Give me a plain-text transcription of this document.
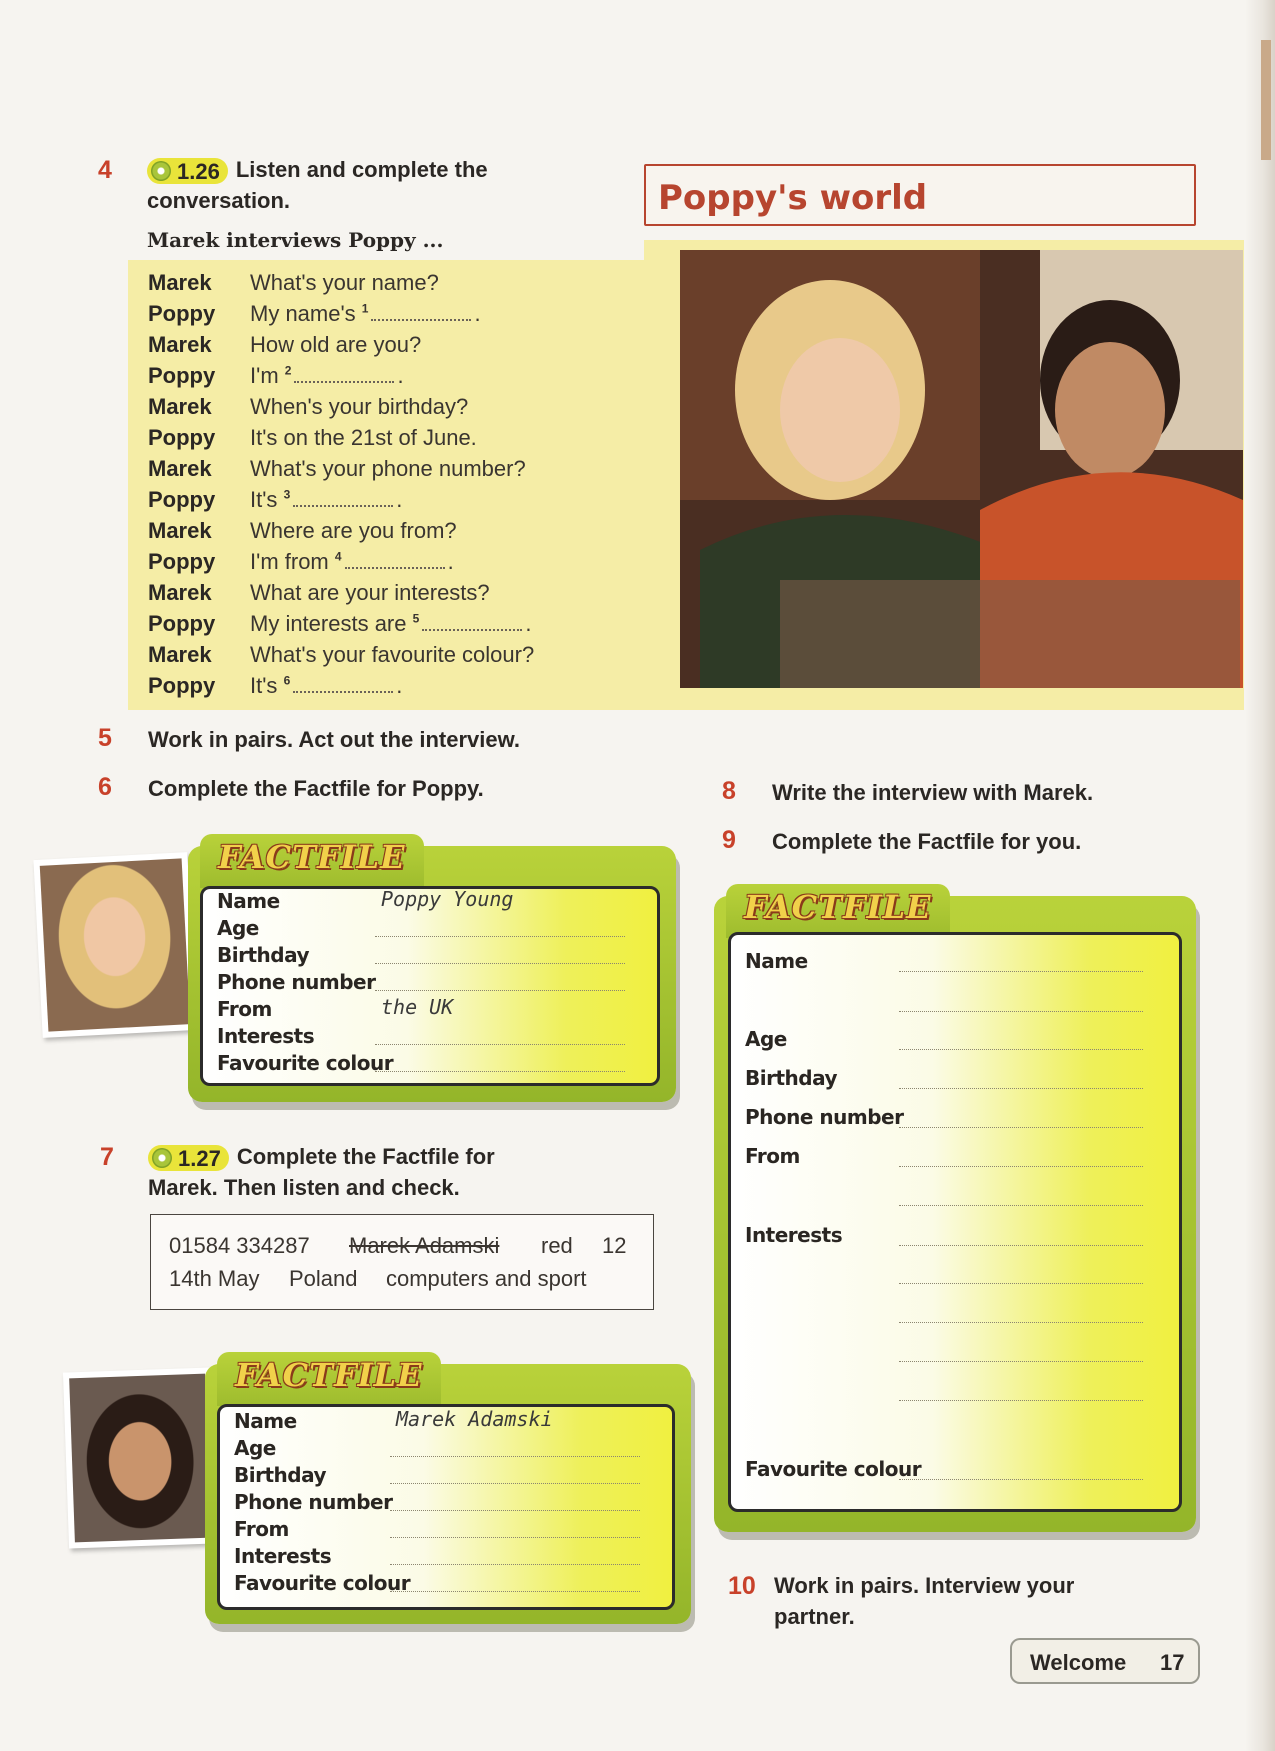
4	1.26 Listen and complete the
conversation.
Marek interviews Poppy ...
Marek What's your name?
Poppy My name's $^1$	.
Marek How old are you?
Poppy I'm $^2$	.
Marek When's your birthday?
Poppy It's on the 21st of June.
Marek What's your phone number?
Poppy It's $^3$	.
Marek Where are you from?
Poppy I'm from $^4$	.
Marek What are your interests?
Poppy My interests are $^5$	.
Marek What's your favourite colour?
Poppy It's $^6$	.
Poppy's world
5 Work in pairs. Act out the interview.
6 Complete the Factfile for Poppy.
FACTFILE
Name	Poppy Young
Age
Birthday
Phone number
From	the UK
Interests
Favourite colour
7	1.27 Complete the Factfile for
Marek. Then listen and check.
01584 334287 Marek Adamski red 12
14th May Poland computers and sport
FACTFILE
Name	Marek Adamski
Age
Birthday
Phone number
From
Interests
Favourite colour
8 Write the interview with Marek.
9 Complete the Factfile for you.
FACTFILE
Name
Age
Birthday
Phone number
From
Interests
Favourite colour
10 Work in pairs. Interview your
partner.
Welcome 17
